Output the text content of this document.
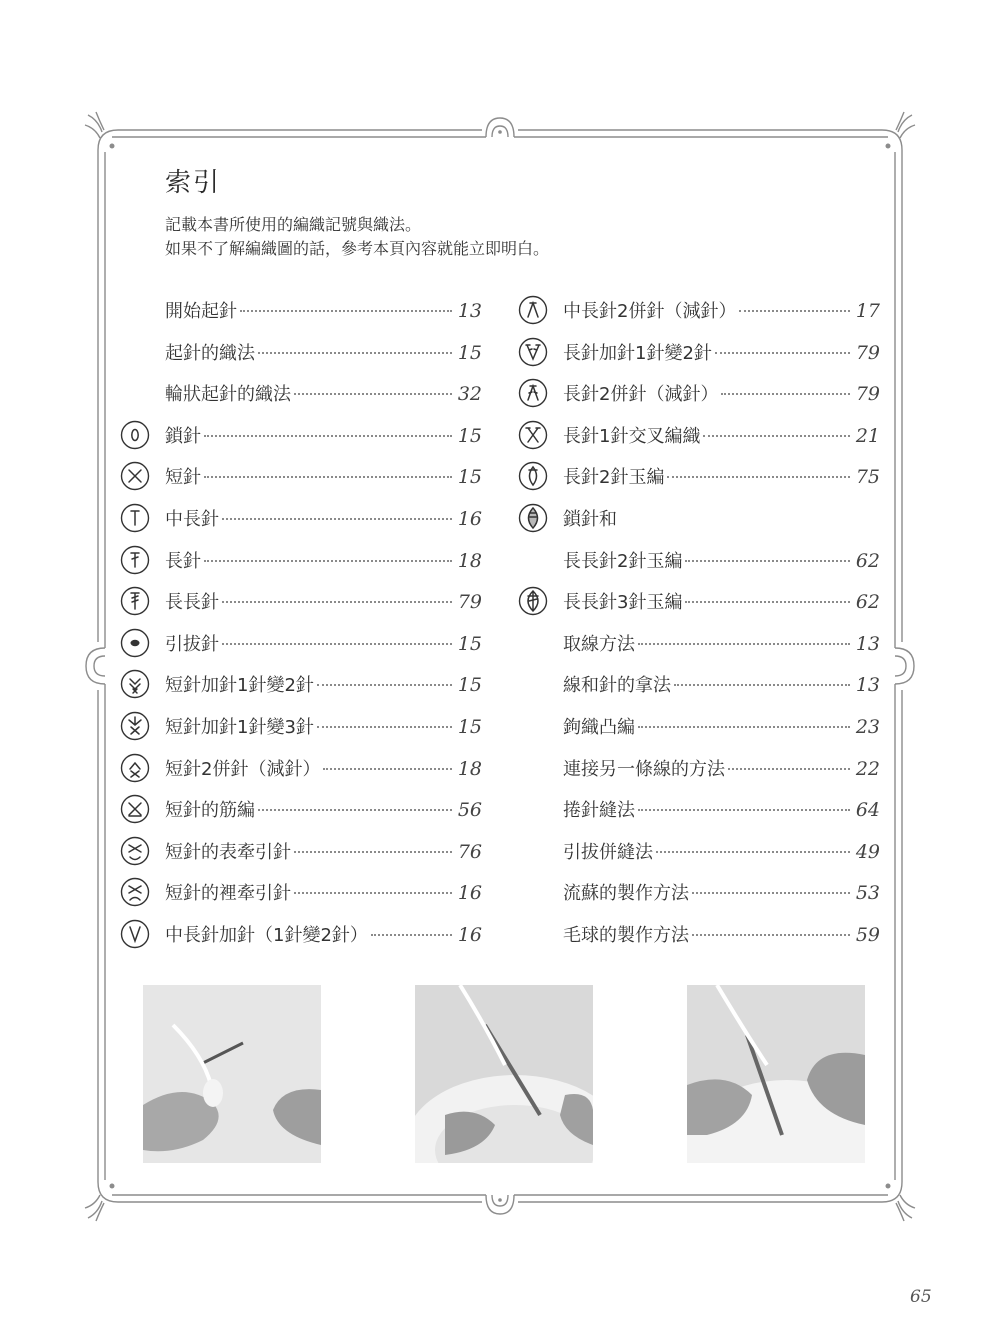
索引
記載本書所使用的編織記號與織法。
如果不了解編織圖的話，參考本頁內容就能立即明白。
開始起針	13
起針的織法	15
輪狀起針的織法	32
鎖針	15
短針	15
中長針	16
長針	18
長長針	79
引拔針	15
短針加針1針變2針	15
短針加針1針變3針	15
短針2併針（減針）	18
短針的筋編	56
短針的表牽引針	76
短針的裡牽引針	16
中長針加針（1針變2針）	16
中長針2併針（減針）	17
長針加針1針變2針	79
長針2併針（減針）	79
長針1針交叉編織	21
長針2針玉編	75
鎖針和
長長針2針玉編	62
長長針3針玉編	62
取線方法	13
線和針的拿法	13
鉤織凸編	23
連接另一條線的方法	22
捲針縫法	64
引拔併縫法	49
流蘇的製作方法	53
毛球的製作方法	59
65
